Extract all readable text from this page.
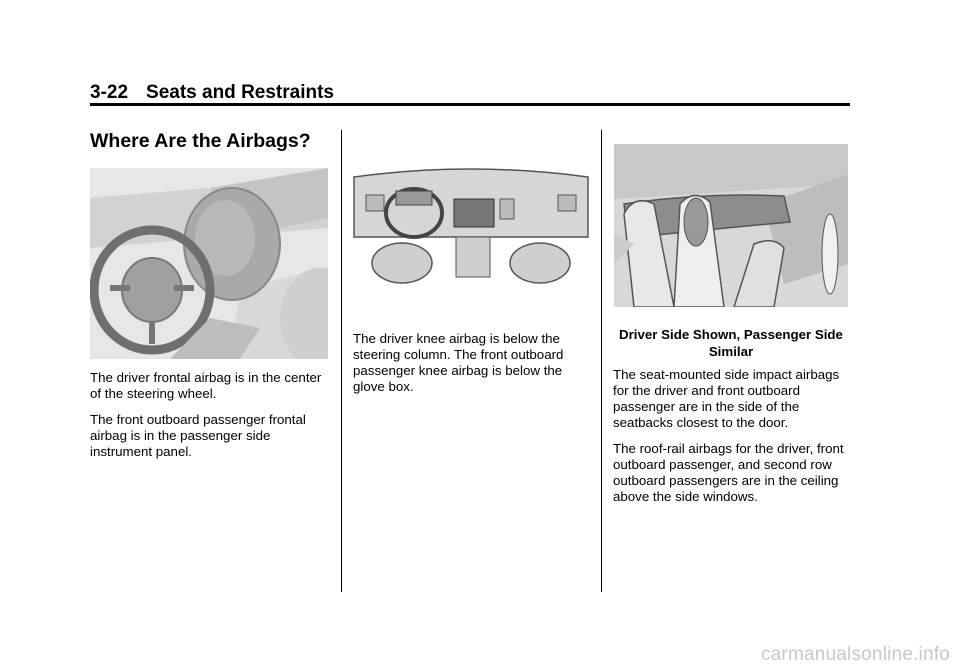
3-22 Seats and Restraints
Where Are the Airbags?

The driver frontal airbag is in the center of the steering wheel.

The front outboard passenger frontal airbag is in the passenger side instrument panel.

The driver knee airbag is below the steering column. The front outboard passenger knee airbag is below the glove box.

Driver Side Shown, Passenger Side Similar

The seat-mounted side impact airbags for the driver and front outboard passenger are in the side of the seatbacks closest to the door.

The roof-rail airbags for the driver, front outboard passenger, and second row outboard passengers are in the ceiling above the side windows.

carmanualsonline.info
